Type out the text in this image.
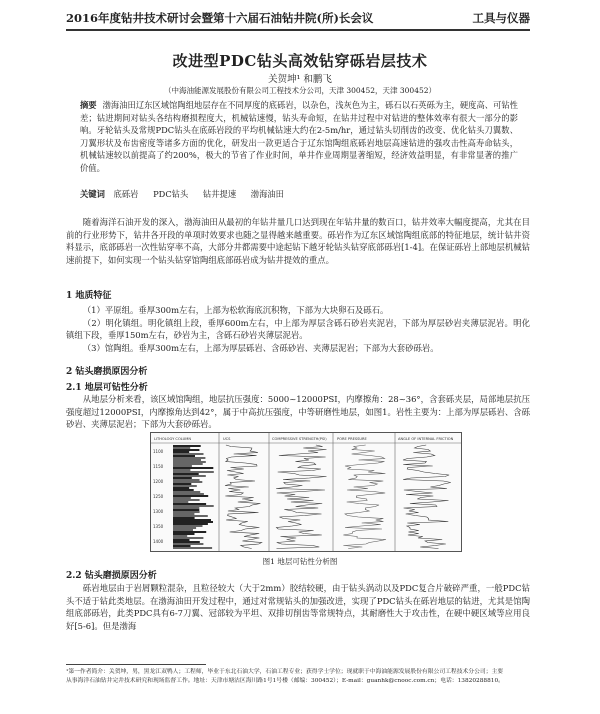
2016年度钻井技术研讨会暨第十六届石油钻井院(所)长会议	工具与仪器
改进型PDC钻头高效钻穿砾岩层技术
关贺坤¹ 和鹏飞
（中海油能源发展股份有限公司工程技术分公司，天津 300452，天津 300452）
摘要 渤海油田辽东区域馆陶组地层存在不同厚度的底砾岩，以杂色，浅灰色为主，砾石以石英砾为主，硬度高、可钻性差；钻进期间对钻头各结构磨损程度大，机械钻速慢，钻头寿命短，在钻井过程中对钻进的整体效率有很大一部分的影响。牙轮钻头及常规PDC钻头在底砾岩段的平均机械钻速大约在2-5m/hr，通过钻头切削齿的改变、优化钻头刀翼数、刀翼形状及布齿密度等诸多方面的优化，研发出一款更适合于辽东馆陶组底砾岩地层高速钻进的强攻击性高寿命钻头，机械钻速较以前提高了约200%，极大的节省了作业时间，单井作业周期显著缩短，经济效益明显，有非常显著的推广价值。
关键词 底砾岩 PDC钻头 钻井提速 渤海油田

随着海洋石油开发的深入，渤海油田从最初的年钻井量几口达到现在年钻井量的数百口，钻井效率大幅度提高，尤其在目前的行业形势下，钻井各开段的单项时效要求也随之显得越来越重要。砾岩作为辽东区域馆陶组底部的特征地层，统计钻井资料显示，底部砾岩一次性钻穿率不高，大部分井都需要中途起钻下越牙轮钻头钻穿底部砾岩[1-4]。在保证砾岩上部地层机械钻速前提下，如何实现一个钻头钻穿馆陶组底部砾岩成为钻井提效的重点。

1 地质特征

（1）平原组。垂厚300m左右，上部为松软海底沉积物，下部为大块卵石及砾石。

（2）明化镇组。明化镇组上段，垂厚600m左右，中上部为厚层含砾石砂岩夹泥岩，下部为厚层砂岩夹薄层泥岩。明化镇组下段，垂厚150m左右，砂岩为主，含砾石砂岩夹薄层泥岩。

（3）馆陶组。垂厚300m左右，上部为厚层砾岩、含砾砂岩、夹薄层泥岩；下部为大套砂砾岩。

2 钻头磨损原因分析
2.1 地层可钻性分析

从地层分析来看，该区域馆陶组，地层抗压强度：5000~12000PSI，内摩擦角：28~36°，含套砾夹层，局部地层抗压强度超过12000PSI，内摩擦角达到42°，属于中高抗压强度，中等研磨性地层，如图1。岩性主要为：上部为厚层砾岩、含砾砂岩、夹薄层泥岩；下部为大套砂砾岩。

LITHOLOGY COLUMN	UCS	COMPRESSIVE STRENGTH(PSI)	PORE PRESSURE	ANGLE OF INTERNAL FRICTION
1100
1150
1200
1250
1300
1350
1400
图1 地层可钻性分析图
2.2 钻头磨损原因分析

砾岩地层由于岩屑颗粒混杂，且粒径较大（大于2mm）胶结较硬，由于钻头涡动以及PDC复合片破碎严重，一般PDC钻头不适于钻此类地层。在渤海油田开发过程中，通过对常规钻头的加强改进，实现了PDC钻头在砾岩地层的钻进，尤其是馆陶组底部砾岩，此类PDC具有6-7刀翼、冠部较为平坦、双排切削齿等常规特点，其耐磨性大于攻击性，在硬中硬区域等应用良好[5-6]。但是渤海

¹第一作者简介：关贺坤，男，黑龙江双鸭人；工程师，毕业于东北石油大学，石油工程专业；获得学士学位；现就职于中海油能源发展股份有限公司工程技术分公司；主要
从事海洋石油钻井完井技术研究和现场监督工作。地址：天津市塘沽区海川路1号1号楼（邮编：300452）；E-mail：guanhk@cnooc.com.cn；电话：13820288810。
